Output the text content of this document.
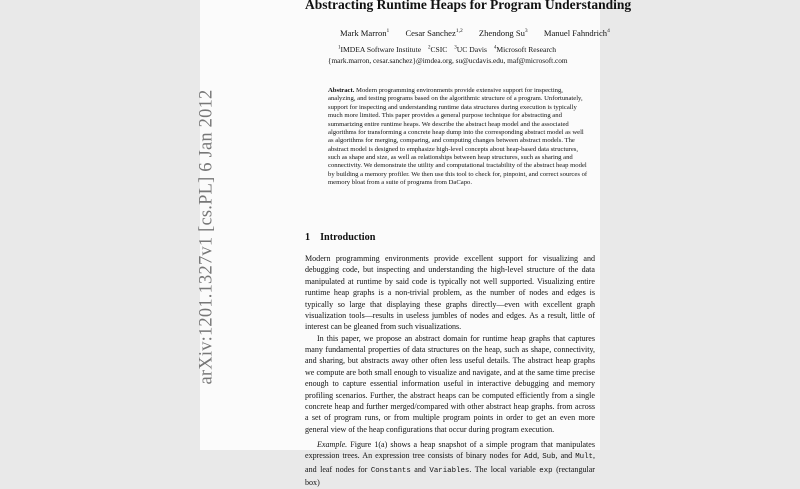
Abstracting Runtime Heaps for Program Understanding
Mark Marron$^1$ Cesar Sanchez$^{1,2}$ Zhendong Su$^3$ Manuel Fahndrich$^4$
$^1$IMDEA Software Institute $^2$CSIC $^3$UC Davis $^4$Microsoft Research
{mark.marron, cesar.sanchez}@imdea.org, su@ucdavis.edu, maf@microsoft.com
Abstract. Modern programming environments provide extensive support for inspecting, analyzing, and testing programs based on the algorithmic structure of a program. Unfortunately, support for inspecting and understanding runtime data structures during execution is typically much more limited. This paper provides a general purpose technique for abstracting and summarizing entire runtime heaps. We describe the abstract heap model and the associated algorithms for transforming a concrete heap dump into the corresponding abstract model as well as algorithms for merging, comparing, and computing changes between abstract models. The abstract model is designed to emphasize high-level concepts about heap-based data structures, such as shape and size, as well as relationships between heap structures, such as sharing and connectivity. We demonstrate the utility and computational tractability of the abstract heap model by building a memory profiler. We then use this tool to check for, pinpoint, and correct sources of memory bloat from a suite of programs from DaCapo.
1 Introduction

Modern programming environments provide excellent support for visualizing and debugging code, but inspecting and understanding the high-level structure of the data manipulated at runtime by said code is typically not well supported. Visualizing entire runtime heap graphs is a non-trivial problem, as the number of nodes and edges is typically so large that displaying these graphs directly—even with excellent graph visualization tools—results in useless jumbles of nodes and edges. As a result, little of interest can be gleaned from such visualizations.

In this paper, we propose an abstract domain for runtime heap graphs that captures many fundamental properties of data structures on the heap, such as shape, connectivity, and sharing, but abstracts away other often less useful details. The abstract heap graphs we compute are both small enough to visualize and navigate, and at the same time precise enough to capture essential information useful in interactive debugging and memory profiling scenarios. Further, the abstract heaps can be computed efficiently from a single concrete heap and further merged/compared with other abstract heap graphs. from across a set of program runs, or from multiple program points in order to get an even more general view of the heap configurations that occur during program execution.

Example. Figure 1(a) shows a heap snapshot of a simple program that manipulates expression trees. An expression tree consists of binary nodes for Add, Sub, and Mult, and leaf nodes for Constants and Variables. The local variable exp (rectangular box)

arXiv:1201.1327v1 [cs.PL] 6 Jan 2012
